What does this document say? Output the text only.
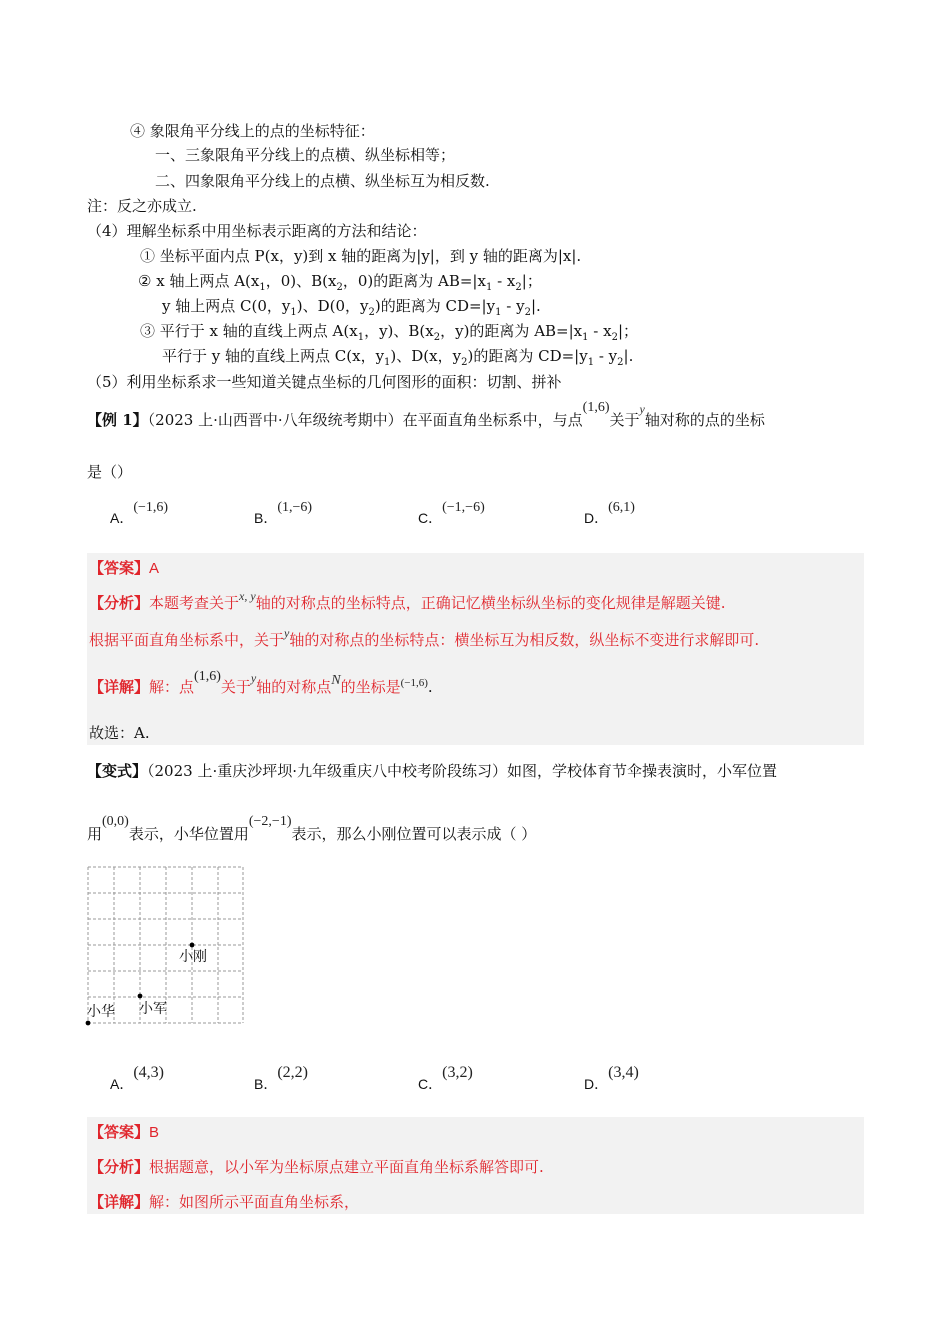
④ 象限角平分线上的点的坐标特征：
一、三象限角平分线上的点横、纵坐标相等；
二、四象限角平分线上的点横、纵坐标互为相反数.
注：反之亦成立.
（4）理解坐标系中用坐标表示距离的方法和结论：
① 坐标平面内点 P(x，y)到 x 轴的距离为|y|，到 y 轴的距离为|x|.
② x 轴上两点 $A(x_1$，0)、$B(x_2$，0)的距离为 $AB=|x_1 - x_2|$；
y 轴上两点 C(0，$y_1$)、D(0，$y_2$)的距离为 $CD=|y_1 - y_2|$.
③ 平行于 x 轴的直线上两点 $A(x_1$，y)、$B(x_2$，y)的距离为 $AB=|x_1 - x_2|$；
平行于 y 轴的直线上两点 C(x，$y_1$)、D(x，$y_2$)的距离为 $CD=|y_1 - y_2|$.
（5）利用坐标系求一些知道关键点坐标的几何图形的面积：切割、拼补
【例 1】（2023 上·山西晋中·八年级统考期中）在平面直角坐标系中，与点(1,6)关于$^y$轴对称的点的坐标
是（）
A．(−1,6)
B．(1,−6)
C．(−1,−6)
D．(6,1)
【答案】A
【分析】本题考查关于$^{x, y}$轴的对称点的坐标特点，正确记忆横坐标纵坐标的变化规律是解题关键.
根据平面直角坐标系中，关于$^y$轴的对称点的坐标特点：横坐标互为相反数，纵坐标不变进行求解即可.
【详解】解：点(1,6)关于$^y$轴的对称点N的坐标是$^{(-1,6)}$.
故选：A.
【变式】（2023 上·重庆沙坪坝·九年级重庆八中校考阶段练习）如图，学校体育节伞操表演时，小军位置
用(0,0)表示，小华位置用(−2,−1)表示，那么小刚位置可以表示成（ ）
小刚
小军
小华
A．(4,3)
B．(2,2)
C．(3,2)
D．(3,4)
【答案】B
【分析】根据题意，以小军为坐标原点建立平面直角坐标系解答即可.
【详解】解：如图所示平面直角坐标系，
